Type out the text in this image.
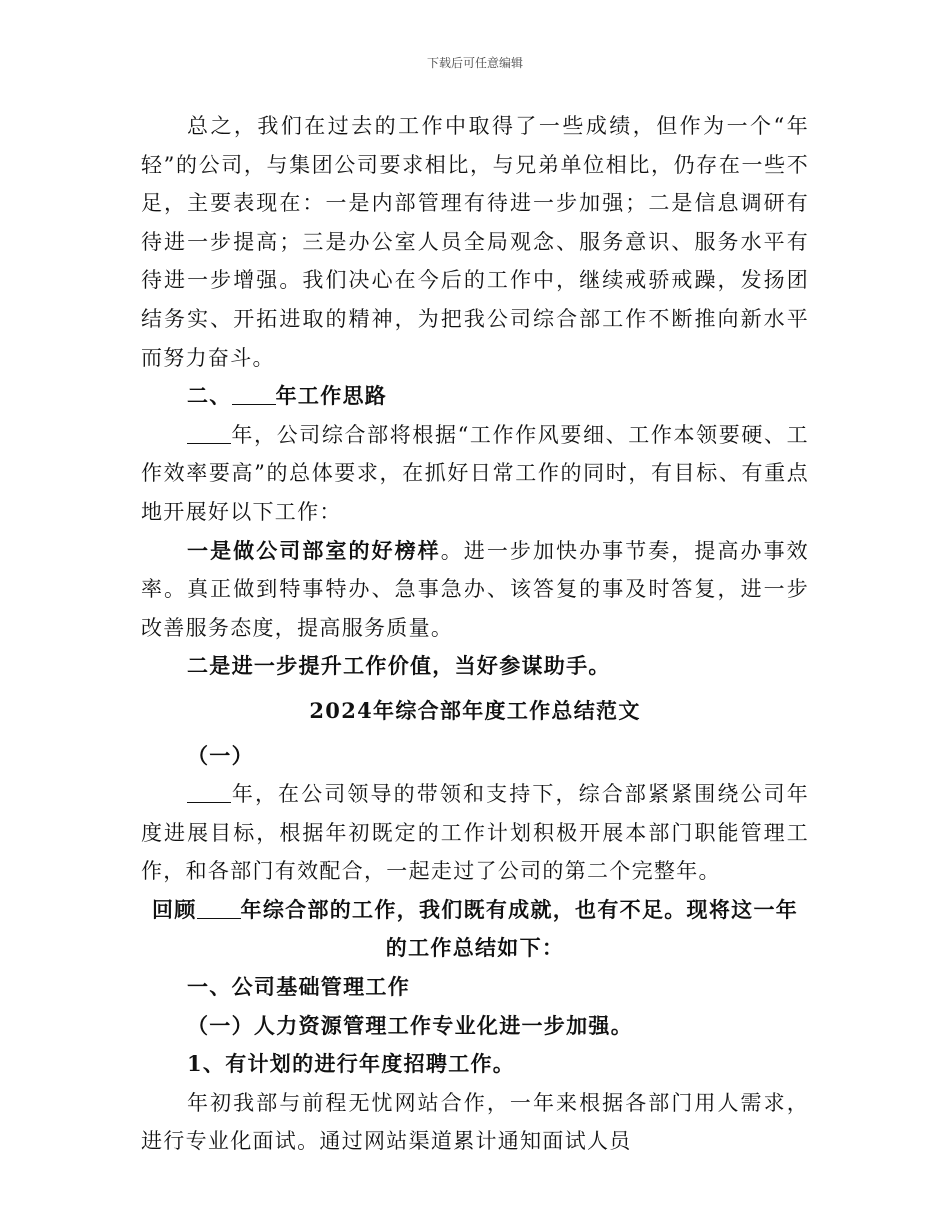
下载后可任意编辑

总之，我们在过去的工作中取得了一些成绩，但作为一个“年轻”的公司，与集团公司要求相比，与兄弟单位相比，仍存在一些不足，主要表现在：一是内部管理有待进一步加强；二是信息调研有待进一步提高；三是办公室人员全局观念、服务意识、服务水平有待进一步增强。我们决心在今后的工作中，继续戒骄戒躁，发扬团结务实、开拓进取的精神，为把我公司综合部工作不断推向新水平而努力奋斗。

二、 年工作思路

年，公司综合部将根据“工作作风要细、工作本领要硬、工作效率要高”的总体要求，在抓好日常工作的同时，有目标、有重点地开展好以下工作：

一是做公司部室的好榜样。进一步加快办事节奏，提高办事效率。真正做到特事特办、急事急办、该答复的事及时答复，进一步改善服务态度，提高服务质量。

二是进一步提升工作价值，当好参谋助手。

2024年综合部年度工作总结范文

（一）

年，在公司领导的带领和支持下，综合部紧紧围绕公司年度进展目标，根据年初既定的工作计划积极开展本部门职能管理工作，和各部门有效配合，一起走过了公司的第二个完整年。

回顾 年综合部的工作，我们既有成就，也有不足。现将这一年

的工作总结如下：

一、公司基础管理工作

（一）人力资源管理工作专业化进一步加强。

1、有计划的进行年度招聘工作。

年初我部与前程无忧网站合作，一年来根据各部门用人需求，进行专业化面试。通过网站渠道累计通知面试人员
